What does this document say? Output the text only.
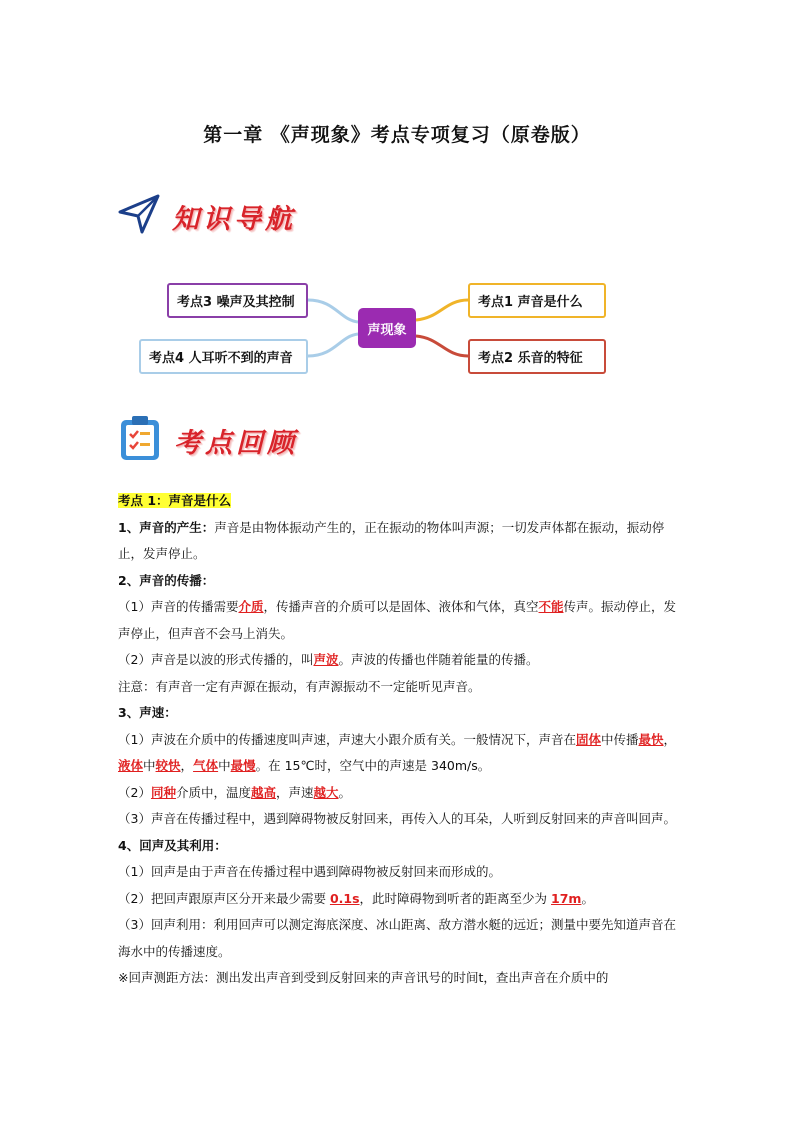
第一章 《声现象》考点专项复习（原卷版）
知识导航
考点3 噪声及其控制
考点4 人耳听不到的声音
声现象
考点1 声音是什么
考点2 乐音的特征
考点回顾

考点 1：声音是什么

1、声音的产生：声音是由物体振动产生的，正在振动的物体叫声源；一切发声体都在振动，振动停止，发声停止。

2、声音的传播：

（1）声音的传播需要介质，传播声音的介质可以是固体、液体和气体，真空不能传声。振动停止，发声停止，但声音不会马上消失。

（2）声音是以波的形式传播的，叫声波。声波的传播也伴随着能量的传播。

注意：有声音一定有声源在振动，有声源振动不一定能听见声音。

3、声速：

（1）声波在介质中的传播速度叫声速，声速大小跟介质有关。一般情况下，声音在固体中传播最快，液体中较快，气体中最慢。在 15℃时，空气中的声速是 340m/s。

（2）同种介质中，温度越高，声速越大。

（3）声音在传播过程中，遇到障碍物被反射回来，再传入人的耳朵，人听到反射回来的声音叫回声。

4、回声及其利用：

（1）回声是由于声音在传播过程中遇到障碍物被反射回来而形成的。

（2）把回声跟原声区分开来最少需要 0.1s，此时障碍物到听者的距离至少为 17m。

（3）回声利用：利用回声可以测定海底深度、冰山距离、敌方潜水艇的远近；测量中要先知道声音在海水中的传播速度。

※回声测距方法：测出发出声音到受到反射回来的声音讯号的时间t，查出声音在介质中的
